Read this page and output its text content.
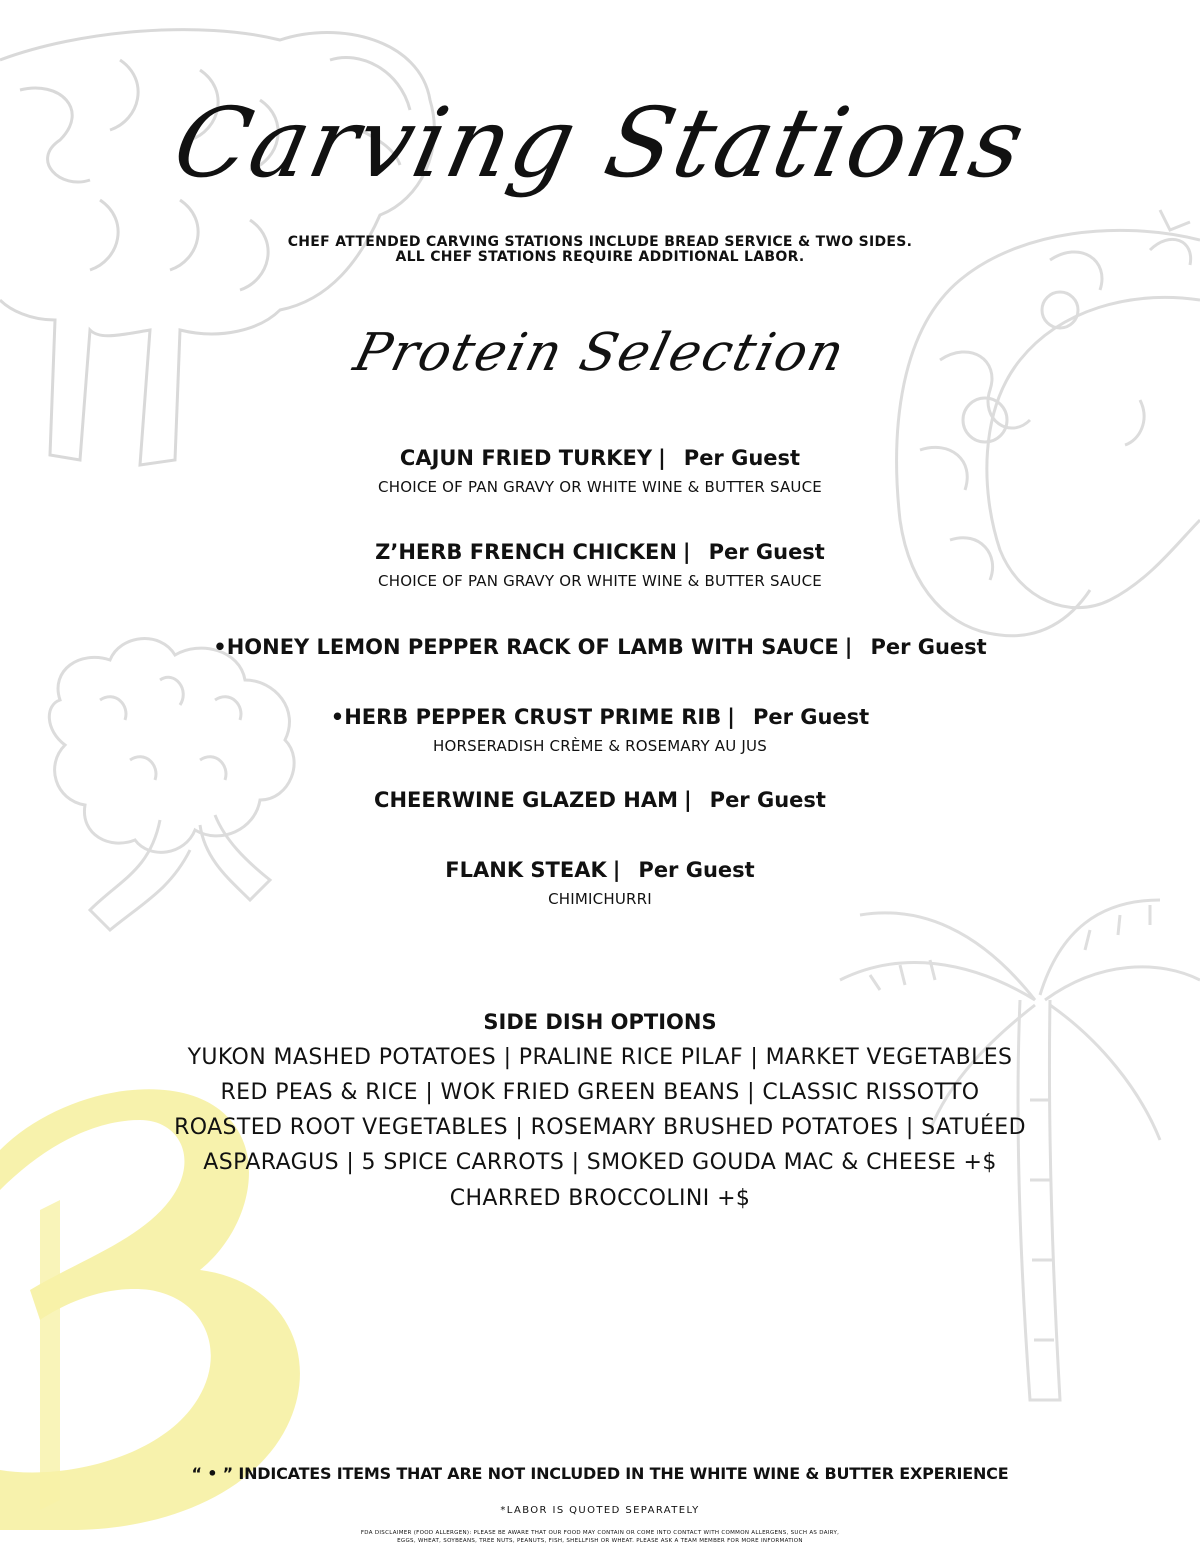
Carving Stations
CHEF ATTENDED CARVING STATIONS INCLUDE BREAD SERVICE & TWO SIDES.
ALL CHEF STATIONS REQUIRE ADDITIONAL LABOR.
Protein Selection
CAJUN FRIED TURKEY | Per Guest
CHOICE OF PAN GRAVY OR WHITE WINE & BUTTER SAUCE
Z’HERB FRENCH CHICKEN | Per Guest
CHOICE OF PAN GRAVY OR WHITE WINE & BUTTER SAUCE
•HONEY LEMON PEPPER RACK OF LAMB WITH SAUCE | Per Guest
•HERB PEPPER CRUST PRIME RIB | Per Guest
HORSERADISH CRÈME & ROSEMARY AU JUS
CHEERWINE GLAZED HAM | Per Guest
FLANK STEAK | Per Guest
CHIMICHURRI
SIDE DISH OPTIONS
YUKON MASHED POTATOES | PRALINE RICE PILAF | MARKET VEGETABLES
RED PEAS & RICE | WOK FRIED GREEN BEANS | CLASSIC RISSOTTO
ROASTED ROOT VEGETABLES | ROSEMARY BRUSHED POTATOES | SATUÉED
ASPARAGUS | 5 SPICE CARROTS | SMOKED GOUDA MAC & CHEESE +$
CHARRED BROCCOLINI +$
“ • ” INDICATES ITEMS THAT ARE NOT INCLUDED IN THE WHITE WINE & BUTTER EXPERIENCE
*LABOR IS QUOTED SEPARATELY
FDA DISCLAIMER (FOOD ALLERGEN): PLEASE BE AWARE THAT OUR FOOD MAY CONTAIN OR COME INTO CONTACT WITH COMMON ALLERGENS, SUCH AS DAIRY,
EGGS, WHEAT, SOYBEANS, TREE NUTS, PEANUTS, FISH, SHELLFISH OR WHEAT. PLEASE ASK A TEAM MEMBER FOR MORE INFORMATION
